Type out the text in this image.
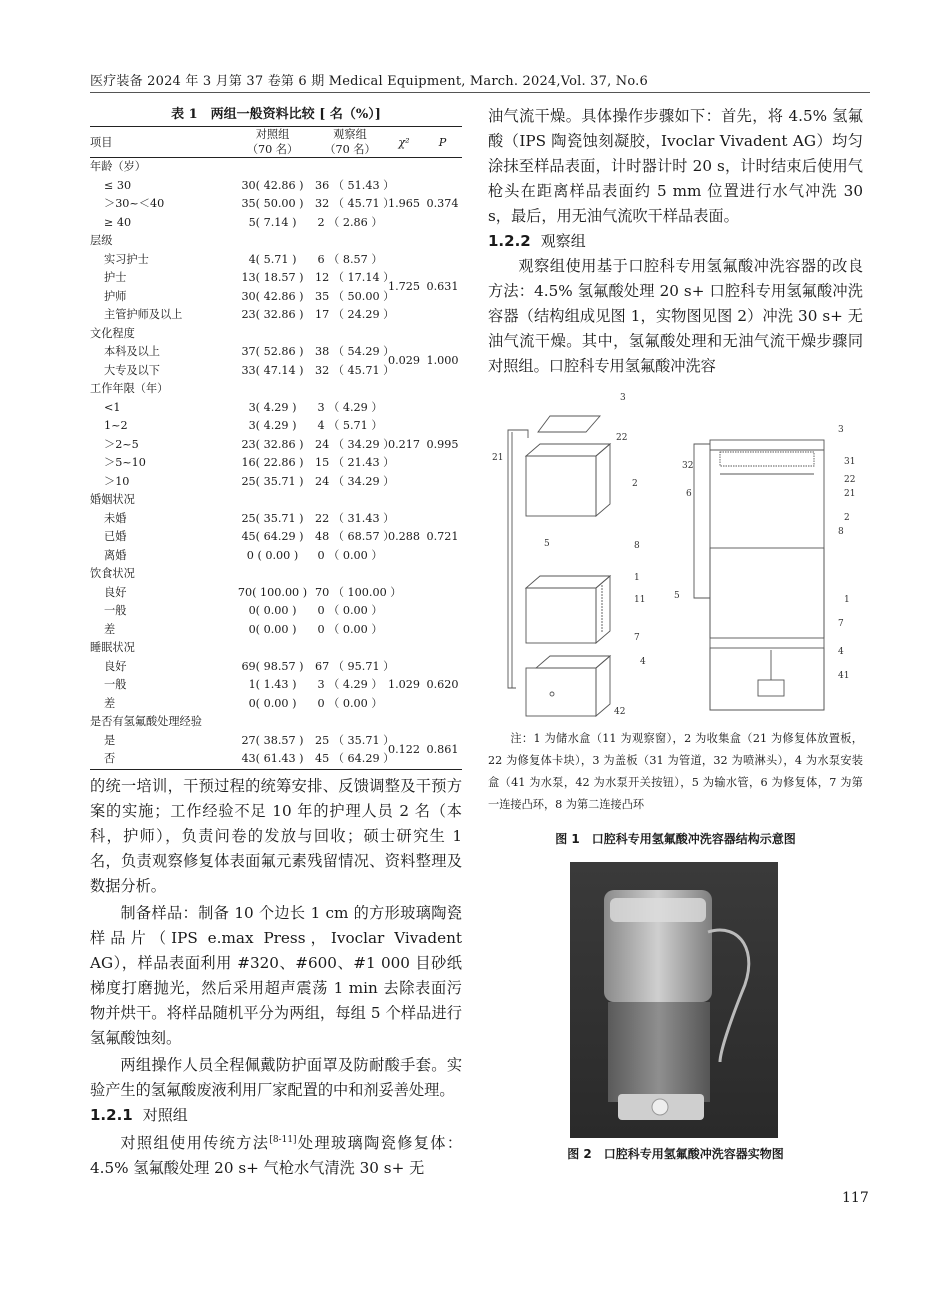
医疗装备 2024 年 3 月第 37 卷第 6 期 Medical Equipment, March. 2024,Vol. 37, No.6
表 1　两组一般资料比较 [ 名（%）]
项目	对照组	观察组	χ²	P
	（70 名）	（70 名）		
年龄（岁）				
≤ 30	30( 42.86 )	36 （ 51.43 ）	1.965	0.374
＞30~＜40	35( 50.00 )	32 （ 45.71 ）		
≥ 40	5( 7.14 )	2 （ 2.86 ）		
层级				
实习护士	4( 5.71 )	6 （ 8.57 ）	1.725	0.631
护士	13( 18.57 )	12 （ 17.14 ）		
护师	30( 42.86 )	35 （ 50.00 ）		
主管护师及以上	23( 32.86 )	17 （ 24.29 ）		
文化程度				
本科及以上	37( 52.86 )	38 （ 54.29 ）	0.029	1.000
大专及以下	33( 47.14 )	32 （ 45.71 ）		
工作年限（年）				
<1	3( 4.29 )	3 （ 4.29 ）	0.217	0.995
1~2	3( 4.29 )	4 （ 5.71 ）		
＞2~5	23( 32.86 )	24 （ 34.29 ）		
＞5~10	16( 22.86 )	15 （ 21.43 ）		
＞10	25( 35.71 )	24 （ 34.29 ）		
婚姻状况				
未婚	25( 35.71 )	22 （ 31.43 ）	0.288	0.721
已婚	45( 64.29 )	48 （ 68.57 ）		
离婚	0 ( 0.00 )	0 （ 0.00 ）		
饮食状况				
良好	70( 100.00 )	70 （ 100.00 ）		
一般	0( 0.00 )	0 （ 0.00 ）		
差	0( 0.00 )	0 （ 0.00 ）		
睡眠状况				
良好	69( 98.57 )	67 （ 95.71 ）	1.029	0.620
一般	1( 1.43 )	3 （ 4.29 ）		
差	0( 0.00 )	0 （ 0.00 ）		
是否有氢氟酸处理经验				
是	27( 38.57 )	25 （ 35.71 ）	0.122	0.861
否	43( 61.43 )	45 （ 64.29 ）		
的统一培训，干预过程的统筹安排、反馈调整及干预方案的实施；工作经验不足 10 年的护理人员 2 名（本科，护师），负责问卷的发放与回收；硕士研究生 1 名，负责观察修复体表面氟元素残留情况、资料整理及数据分析。
制备样品：制备 10 个边长 1 cm 的方形玻璃陶瓷样品片（IPS e.max Press，Ivoclar Vivadent AG），样品表面利用 #320、#600、#1 000 目砂纸梯度打磨抛光，然后采用超声震荡 1 min 去除表面污物并烘干。将样品随机平分为两组，每组 5 个样品进行氢氟酸蚀刻。
两组操作人员全程佩戴防护面罩及防耐酸手套。实验产生的氢氟酸废液利用厂家配置的中和剂妥善处理。
1.2.1 对照组
对照组使用传统方法[8-11]处理玻璃陶瓷修复体：4.5% 氢氟酸处理 20 s+ 气枪水气清洗 30 s+ 无
油气流干燥。具体操作步骤如下：首先，将 4.5% 氢氟酸（IPS 陶瓷蚀刻凝胶，Ivoclar Vivadent AG）均匀涂抹至样品表面，计时器计时 20 s，计时结束后使用气枪头在距离样品表面约 5 mm 位置进行水气冲洗 30 s，最后，用无油气流吹干样品表面。
1.2.2 观察组
观察组使用基于口腔科专用氢氟酸冲洗容器的改良方法：4.5% 氢氟酸处理 20 s+ 口腔科专用氢氟酸冲洗容器（结构组成见图 1，实物图见图 2）冲洗 30 s+ 无油气流干燥。其中，氢氟酸处理和无油气流干燥步骤同对照组。口腔科专用氢氟酸冲洗容
3
22
21
2
5	8
1
11
7
4
42
3
31
32
22
6	21
2
8
5	1
7
4
41
注：1 为储水盒（11 为观察窗），2 为收集盒（21 为修复体放置板，22 为修复体卡块），3 为盖板（31 为管道，32 为喷淋头），4 为水泵安装盒（41 为水泵，42 为水泵开关按钮），5 为输水管，6 为修复体，7 为第一连接凸环，8 为第二连接凸环
图 1　口腔科专用氢氟酸冲洗容器结构示意图
图 2　口腔科专用氢氟酸冲洗容器实物图
117
